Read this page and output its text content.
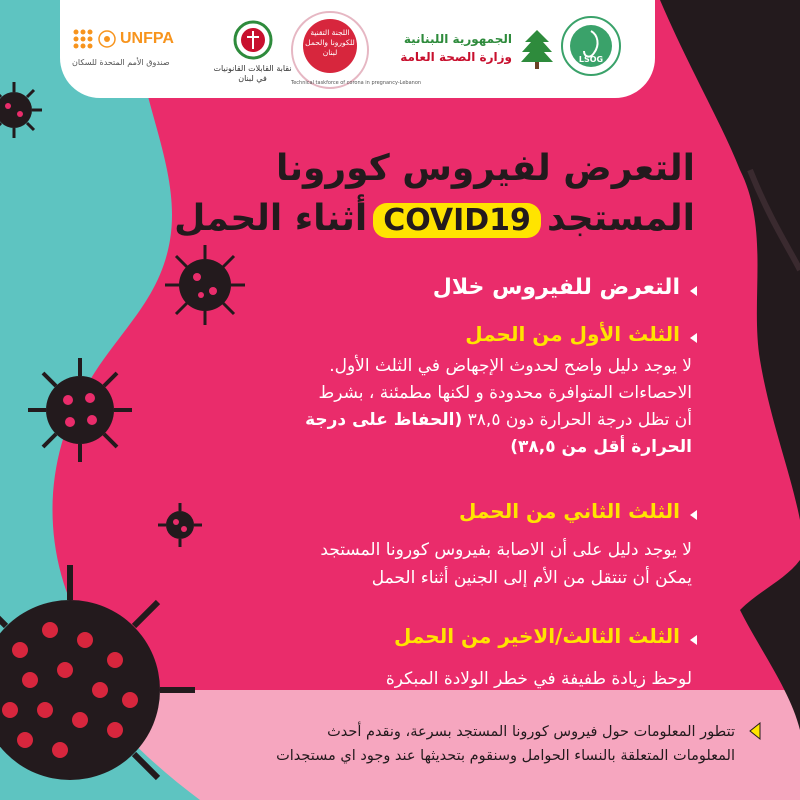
UNFPA
صندوق الأمم المتحدة للسكان
نقابة القابلات القانونيات في لبنان
اللجنة التقنية
للكورونا والحمل
لبنان
Technical taskforce of corona in pregnancy-Lebanon
الجمهورية اللبنانية
وزارة الصحة العامة	LSOG
التعرض لفيروس كورونا
المستجدCOVID19أثناء الحمل
التعرض للفيروس خلال
الثلث الأول من الحمل
لا يوجد دليل واضح لحدوث الإجهاض في الثلث الأول.
الاحصاءات المتوافرة محدودة و لكنها مطمئنة ، بشرط
أن تظل درجة الحرارة دون ٣٨,٥ (الحفاظ على درجة
الحرارة أقل من ٣٨,٥)
الثلث الثاني من الحمل
لا يوجد دليل على أن الاصابة بفيروس كورونا المستجد
يمكن أن تنتقل من الأم إلى الجنين أثناء الحمل
الثلث الثالث/الاخير من الحمل
لوحظ زيادة طفيفة في خطر الولادة المبكرة
تتطور المعلومات حول فيروس كورونا المستجد بسرعة، ونقدم أحدث
المعلومات المتعلقة بالنساء الحوامل وسنقوم بتحديثها عند وجود اي مستجدات
